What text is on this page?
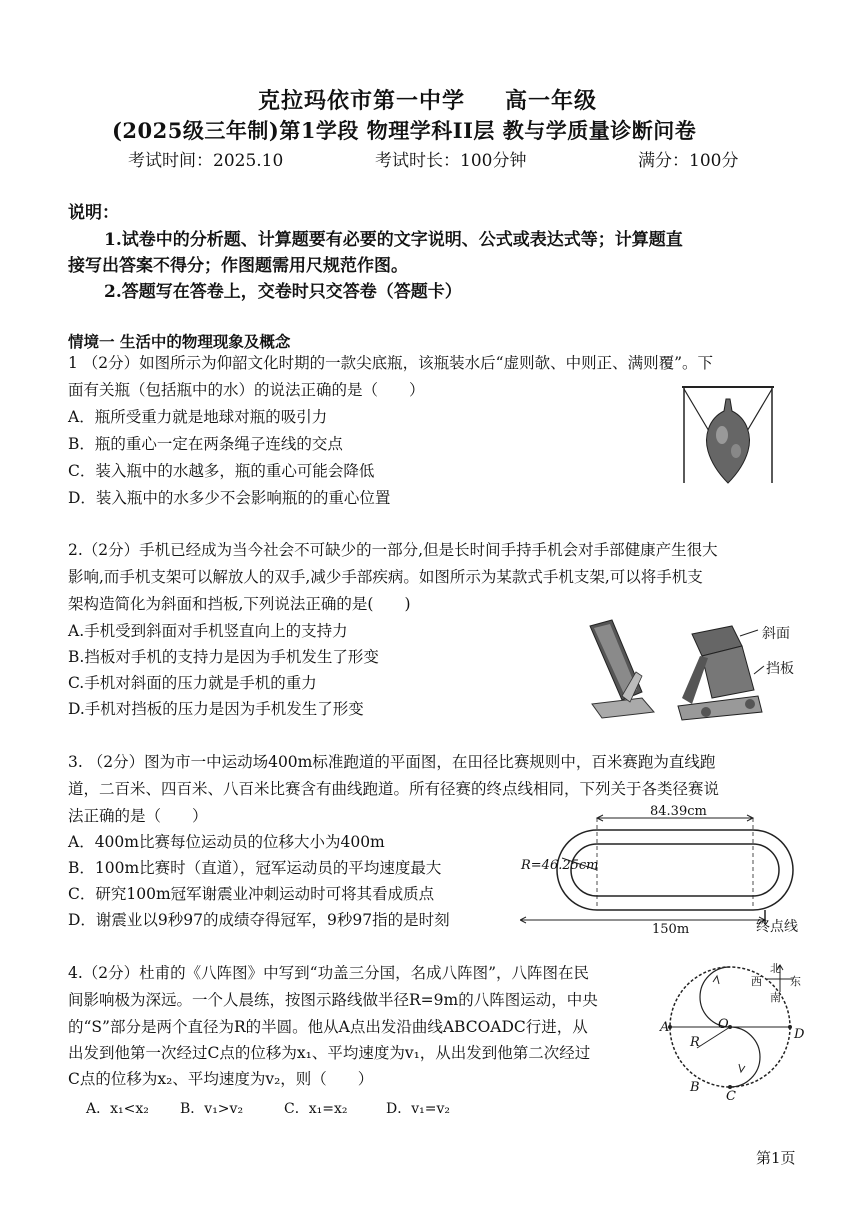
克拉玛依市第一中学 高一年级
(2025级三年制)第1学段 物理学科II层 教与学质量诊断问卷
考试时间：2025.10	考试时长：100分钟	满分：100分
说明：
1.试卷中的分析题、计算题要有必要的文字说明、公式或表达式等；计算题直
接写出答案不得分；作图题需用尺规范作图。
2.答题写在答卷上，交卷时只交答卷（答题卡）
情境一 生活中的物理现象及概念
1 （2分）如图所示为仰韶文化时期的一款尖底瓶，该瓶装水后“虚则欹、中则正、满则覆”。下
面有关瓶（包括瓶中的水）的说法正确的是（　　）
A．瓶所受重力就是地球对瓶的吸引力
B．瓶的重心一定在两条绳子连线的交点
C．装入瓶中的水越多，瓶的重心可能会降低
D．装入瓶中的水多少不会影响瓶的的重心位置
2.（2分）手机已经成为当今社会不可缺少的一部分,但是长时间手持手机会对手部健康产生很大
影响,而手机支架可以解放人的双手,减少手部疾病。如图所示为某款式手机支架,可以将手机支
架构造简化为斜面和挡板,下列说法正确的是(　　)
A.手机受到斜面对手机竖直向上的支持力
B.挡板对手机的支持力是因为手机发生了形变
C.手机对斜面的压力就是手机的重力
D.手机对挡板的压力是因为手机发生了形变
斜面
挡板
3. （2分）图为市一中运动场400m标准跑道的平面图，在田径比赛规则中，百米赛跑为直线跑
道，二百米、四百米、八百米比赛含有曲线跑道。所有径赛的终点线相同，下列关于各类径赛说
法正确的是（　　）
A．400m比赛每位运动员的位移大小为400m
B．100m比赛时（直道），冠军运动员的平均速度最大
C．研究100m冠军谢震业冲刺运动时可将其看成质点
D．谢震业以9秒97的成绩夺得冠军，9秒97指的是时刻
84.39cm
R=46.25cm
150m	终点线
4.（2分）杜甫的《八阵图》中写到“功盖三分国，名成八阵图”，八阵图在民
间影响极为深远。一个人晨练，按图示路线做半径R=9m的八阵图运动，中央
的“S”部分是两个直径为R的半圆。他从A点出发沿曲线ABCOADC行进，从
出发到他第一次经过C点的位移为x₁、平均速度为v₁，从出发到他第二次经过
C点的位移为x₂、平均速度为v₂，则（　　）
A．x₁<x₂ B．v₁>v₂	C．x₁=x₂	D．v₁=v₂
北
西	东
南
A
B
C
D
O
R
第1页
